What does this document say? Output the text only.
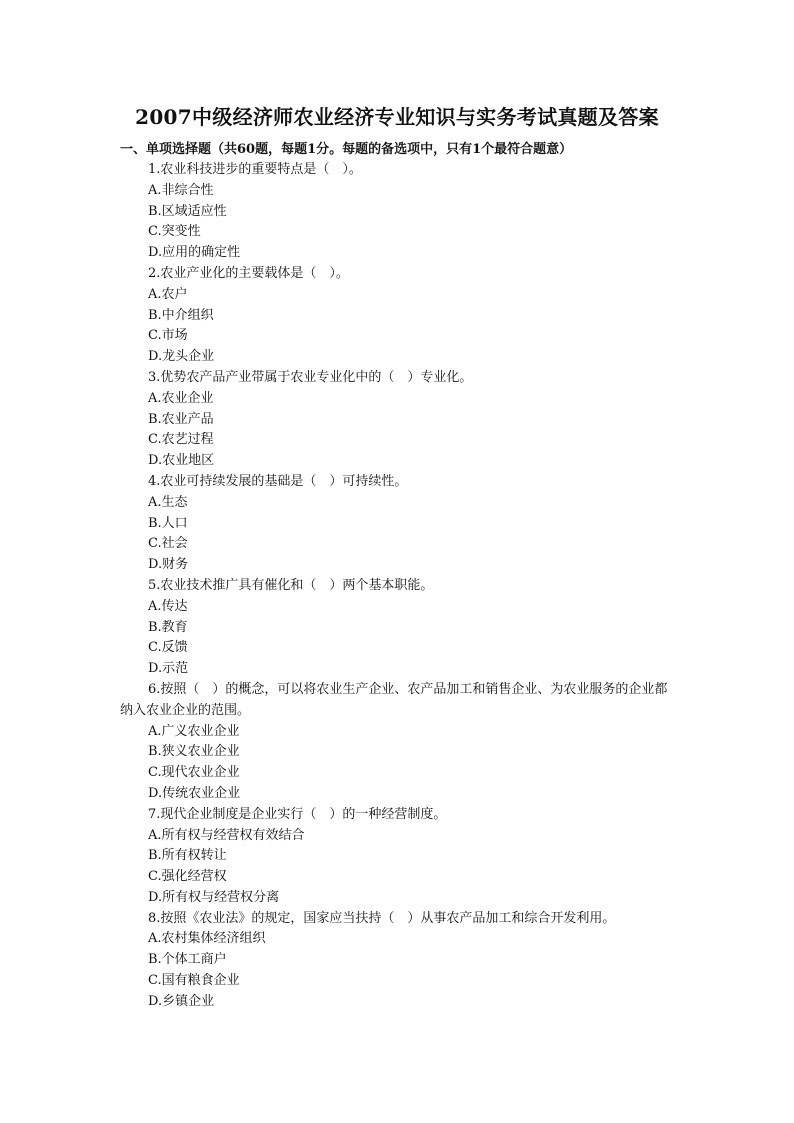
2007中级经济师农业经济专业知识与实务考试真题及答案
一、单项选择题（共60题，每题1分。每题的备选项中，只有1个最符合题意）

1.农业科技进步的重要特点是（　）。

A.非综合性

B.区域适应性

C.突变性

D.应用的确定性

2.农业产业化的主要载体是（　）。

A.农户

B.中介组织

C.市场

D.龙头企业

3.优势农产品产业带属于农业专业化中的（　）专业化。

A.农业企业

B.农业产品

C.农艺过程

D.农业地区

4.农业可持续发展的基础是（　）可持续性。

A.生态

B.人口

C.社会

D.财务

5.农业技术推广具有催化和（　）两个基本职能。

A.传达

B.教育

C.反馈

D.示范

6.按照（　）的概念，可以将农业生产企业、农产品加工和销售企业、为农业服务的企业都纳入农业企业的范围。

A.广义农业企业

B.狭义农业企业

C.现代农业企业

D.传统农业企业

7.现代企业制度是企业实行（　）的一种经营制度。

A.所有权与经营权有效结合

B.所有权转让

C.强化经营权

D.所有权与经营权分离

8.按照《农业法》的规定，国家应当扶持（　）从事农产品加工和综合开发利用。

A.农村集体经济组织

B.个体工商户

C.国有粮食企业

D.乡镇企业
